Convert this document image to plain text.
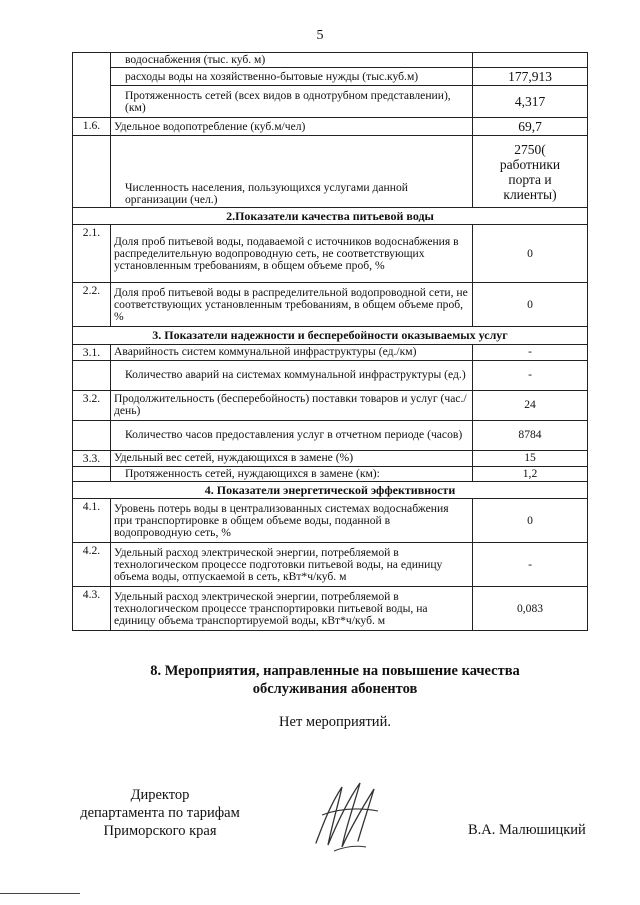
5
	водоснабжения (тыс. куб. м)	
	расходы воды на хозяйственно-бытовые нужды (тыс.куб.м)	177,913
	Протяженность сетей (всех видов в однотрубном представлении), (км)	4,317
1.6.	Удельное водопотребление (куб.м/чел)	69,7
	Численность населения, пользующихся услугами данной организации (чел.)	2750( работники порта и клиенты)
2.Показатели качества питьевой воды		
2.1.	Доля проб питьевой воды, подаваемой с источников водоснабжения в распределительную водопроводную сеть, не соответствующих установленным требованиям, в общем объеме проб, %	0
2.2.	Доля проб питьевой воды в распределительной водопроводной сети, не соответствующих установленным требованиям, в общем объеме проб, %	0
3. Показатели надежности и бесперебойности оказываемых услуг		
3.1.	Аварийность систем коммунальной инфраструктуры (ед./км)	-
	Количество аварий на системах коммунальной инфраструктуры (ед.)	-
3.2.	Продолжительность (бесперебойность) поставки товаров и услуг (час./день)	24
	Количество часов предоставления услуг в отчетном периоде (часов)	8784
3.3.	Удельный вес сетей, нуждающихся в замене (%)	15
	Протяженность сетей, нуждающихся в замене (км):	1,2
4. Показатели энергетической эффективности		
4.1.	Уровень потерь воды в централизованных системах водоснабжения при транспортировке в общем объеме воды, поданной в водопроводную сеть, %	0
4.2.	Удельный расход электрической энергии, потребляемой в технологическом процессе подготовки питьевой воды, на единицу объема воды, отпускаемой в сеть, кВт*ч/куб. м	-
4.3.	Удельный расход электрической энергии, потребляемой в технологическом процессе транспортировки питьевой воды, на единицу объема транспортируемой воды, кВт*ч/куб. м	0,083
8. Мероприятия, направленные на повышение качества
обслуживания абонентов
Нет мероприятий.
Директор
департамента по тарифам
Приморского края	В.А. Малюшицкий
